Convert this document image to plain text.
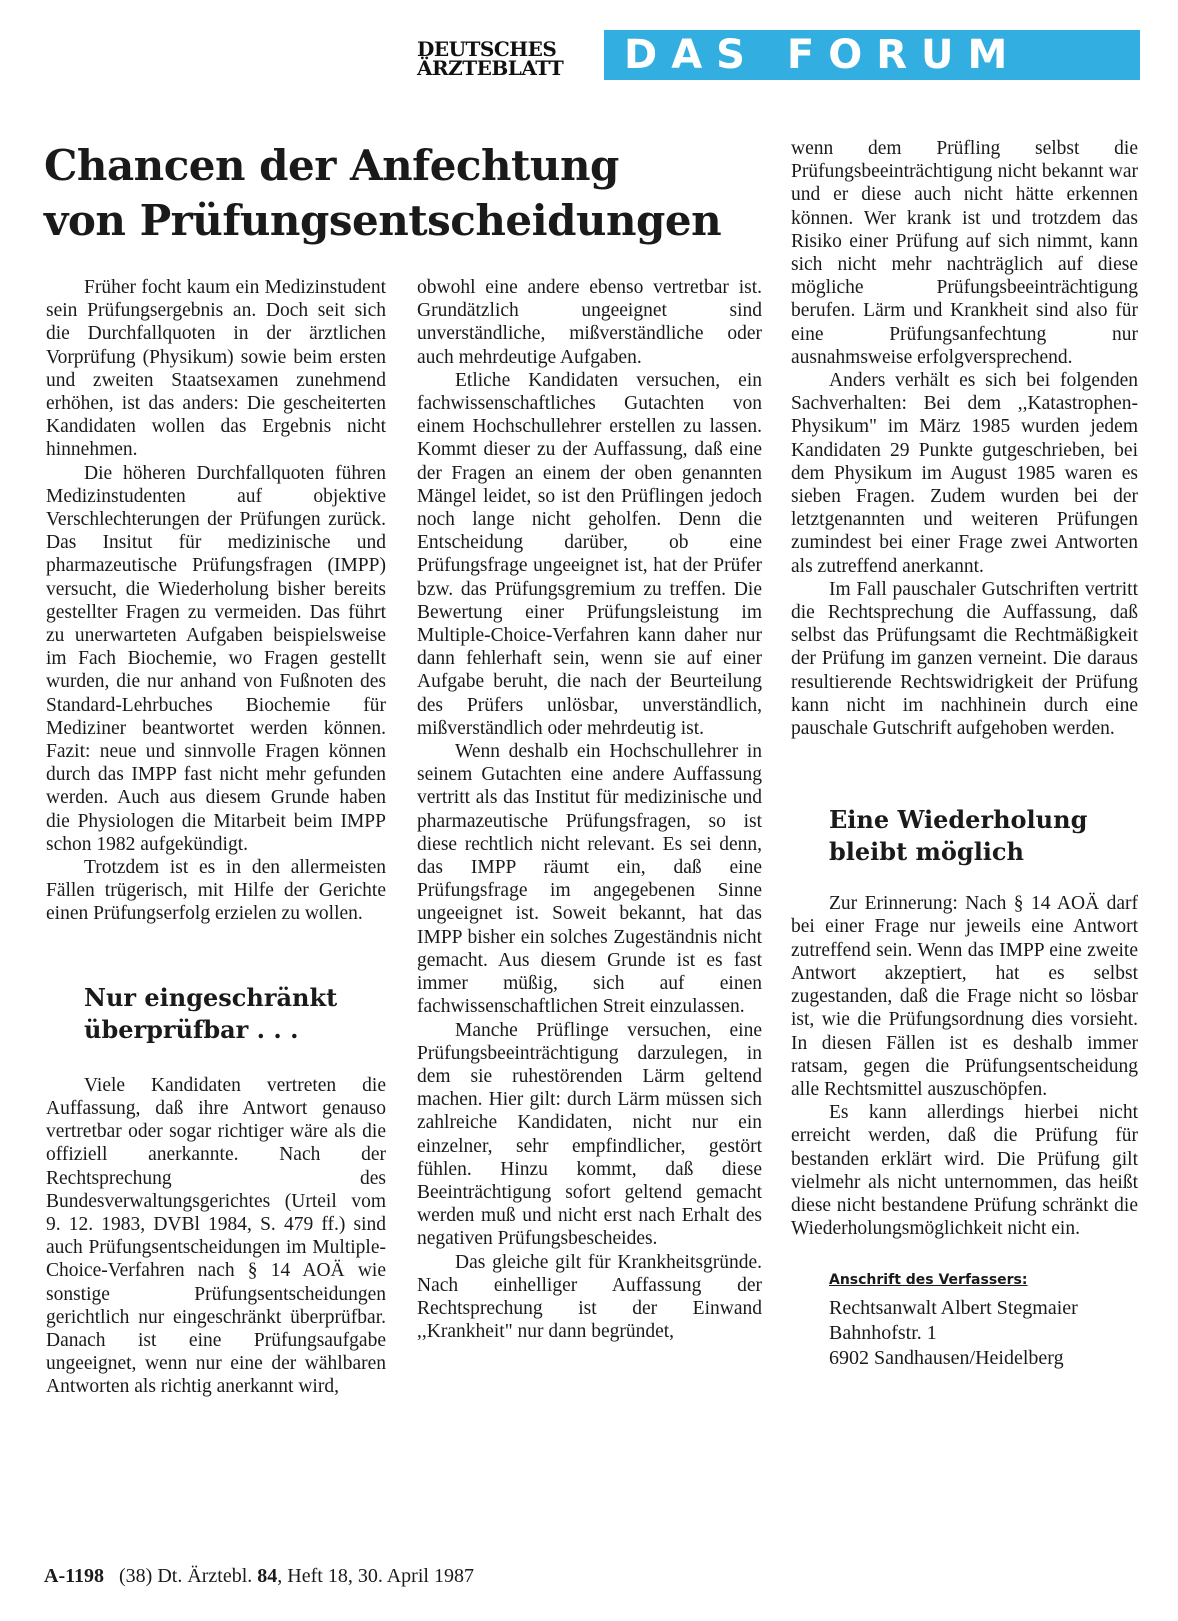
DEUTSCHES
ÄRZTEBLATT	DAS FORUM
Chancen der Anfechtung
von Prüfungsentscheidungen

Früher focht kaum ein Medizinstudent sein Prüfungsergebnis an. Doch seit sich die Durchfallquoten in der ärztlichen Vorprüfung (Physikum) sowie beim ersten und zweiten Staatsexamen zunehmend erhöhen, ist das anders: Die gescheiterten Kandidaten wollen das Ergebnis nicht hinnehmen.

Die höheren Durchfallquoten führen Medizinstudenten auf objektive Verschlechterungen der Prüfungen zurück. Das Insitut für medizinische und pharmazeutische Prüfungsfragen (IMPP) versucht, die Wiederholung bisher bereits gestellter Fragen zu vermeiden. Das führt zu unerwarteten Aufgaben beispielsweise im Fach Biochemie, wo Fragen gestellt wurden, die nur anhand von Fußnoten des Standard-Lehrbuches Biochemie für Mediziner beantwortet werden können. Fazit: neue und sinnvolle Fragen können durch das IMPP fast nicht mehr gefunden werden. Auch aus diesem Grunde haben die Physiologen die Mitarbeit beim IMPP schon 1982 aufgekündigt.

Trotzdem ist es in den allermeisten Fällen trügerisch, mit Hilfe der Gerichte einen Prüfungserfolg erzielen zu wollen.

Nur eingeschränkt überprüfbar . . .

Viele Kandidaten vertreten die Auffassung, daß ihre Antwort genauso vertretbar oder sogar richtiger wäre als die offiziell anerkannte. Nach der Rechtsprechung des Bundesverwaltungsgerichtes (Urteil vom 9. 12. 1983, DVBl 1984, S. 479 ff.) sind auch Prüfungsentscheidungen im Multiple-Choice-Verfahren nach § 14 AOÄ wie sonstige Prüfungsentscheidungen gerichtlich nur eingeschränkt überprüfbar. Danach ist eine Prüfungsaufgabe ungeeignet, wenn nur eine der wählbaren Antworten als richtig anerkannt wird,

obwohl eine andere ebenso vertretbar ist. Grundätzlich ungeeignet sind unverständliche, mißverständliche oder auch mehrdeutige Aufgaben.

Etliche Kandidaten versuchen, ein fachwissenschaftliches Gutachten von einem Hochschullehrer erstellen zu lassen. Kommt dieser zu der Auffassung, daß eine der Fragen an einem der oben genannten Mängel leidet, so ist den Prüflingen jedoch noch lange nicht geholfen. Denn die Entscheidung darüber, ob eine Prüfungsfrage ungeeignet ist, hat der Prüfer bzw. das Prüfungsgremium zu treffen. Die Bewertung einer Prüfungsleistung im Multiple-Choice-Verfahren kann daher nur dann fehlerhaft sein, wenn sie auf einer Aufgabe beruht, die nach der Beurteilung des Prüfers unlösbar, unverständlich, mißverständlich oder mehrdeutig ist.

Wenn deshalb ein Hochschullehrer in seinem Gutachten eine andere Auffassung vertritt als das Institut für medizinische und pharmazeutische Prüfungsfragen, so ist diese rechtlich nicht relevant. Es sei denn, das IMPP räumt ein, daß eine Prüfungsfrage im angegebenen Sinne ungeeignet ist. Soweit bekannt, hat das IMPP bisher ein solches Zugeständnis nicht gemacht. Aus diesem Grunde ist es fast immer müßig, sich auf einen fachwissenschaftlichen Streit einzulassen.

Manche Prüflinge versuchen, eine Prüfungsbeeinträchtigung darzulegen, in dem sie ruhestörenden Lärm geltend machen. Hier gilt: durch Lärm müssen sich zahlreiche Kandidaten, nicht nur ein einzelner, sehr empfindlicher, gestört fühlen. Hinzu kommt, daß diese Beeinträchtigung sofort geltend gemacht werden muß und nicht erst nach Erhalt des negativen Prüfungsbescheides.

Das gleiche gilt für Krankheitsgründe. Nach einhelliger Auffassung der Rechtsprechung ist der Einwand ,,Krankheit" nur dann begründet,

wenn dem Prüfling selbst die Prüfungsbeeinträchtigung nicht bekannt war und er diese auch nicht hätte erkennen können. Wer krank ist und trotzdem das Risiko einer Prüfung auf sich nimmt, kann sich nicht mehr nachträglich auf diese mögliche Prüfungsbeeinträchtigung berufen. Lärm und Krankheit sind also für eine Prüfungsanfechtung nur ausnahmsweise erfolgversprechend.

Anders verhält es sich bei folgenden Sachverhalten: Bei dem ,,Katastrophen-Physikum" im März 1985 wurden jedem Kandidaten 29 Punkte gutgeschrieben, bei dem Physikum im August 1985 waren es sieben Fragen. Zudem wurden bei der letztgenannten und weiteren Prüfungen zumindest bei einer Frage zwei Antworten als zutreffend anerkannt.

Im Fall pauschaler Gutschriften vertritt die Rechtsprechung die Auffassung, daß selbst das Prüfungsamt die Rechtmäßigkeit der Prüfung im ganzen verneint. Die daraus resultierende Rechtswidrigkeit der Prüfung kann nicht im nachhinein durch eine pauschale Gutschrift aufgehoben werden.

Eine Wiederholung bleibt möglich

Zur Erinnerung: Nach § 14 AOÄ darf bei einer Frage nur jeweils eine Antwort zutreffend sein. Wenn das IMPP eine zweite Antwort akzeptiert, hat es selbst zugestanden, daß die Frage nicht so lösbar ist, wie die Prüfungsordnung dies vorsieht. In diesen Fällen ist es deshalb immer ratsam, gegen die Prüfungsentscheidung alle Rechtsmittel auszuschöpfen.

Es kann allerdings hierbei nicht erreicht werden, daß die Prüfung für bestanden erklärt wird. Die Prüfung gilt vielmehr als nicht unternommen, das heißt diese nicht bestandene Prüfung schränkt die Wiederholungsmöglichkeit nicht ein.

Anschrift des Verfassers:
Rechtsanwalt Albert Stegmaier
Bahnhofstr. 1
6902 Sandhausen/Heidelberg
A-1198 (38) Dt. Ärztebl. 84, Heft 18, 30. April 1987
